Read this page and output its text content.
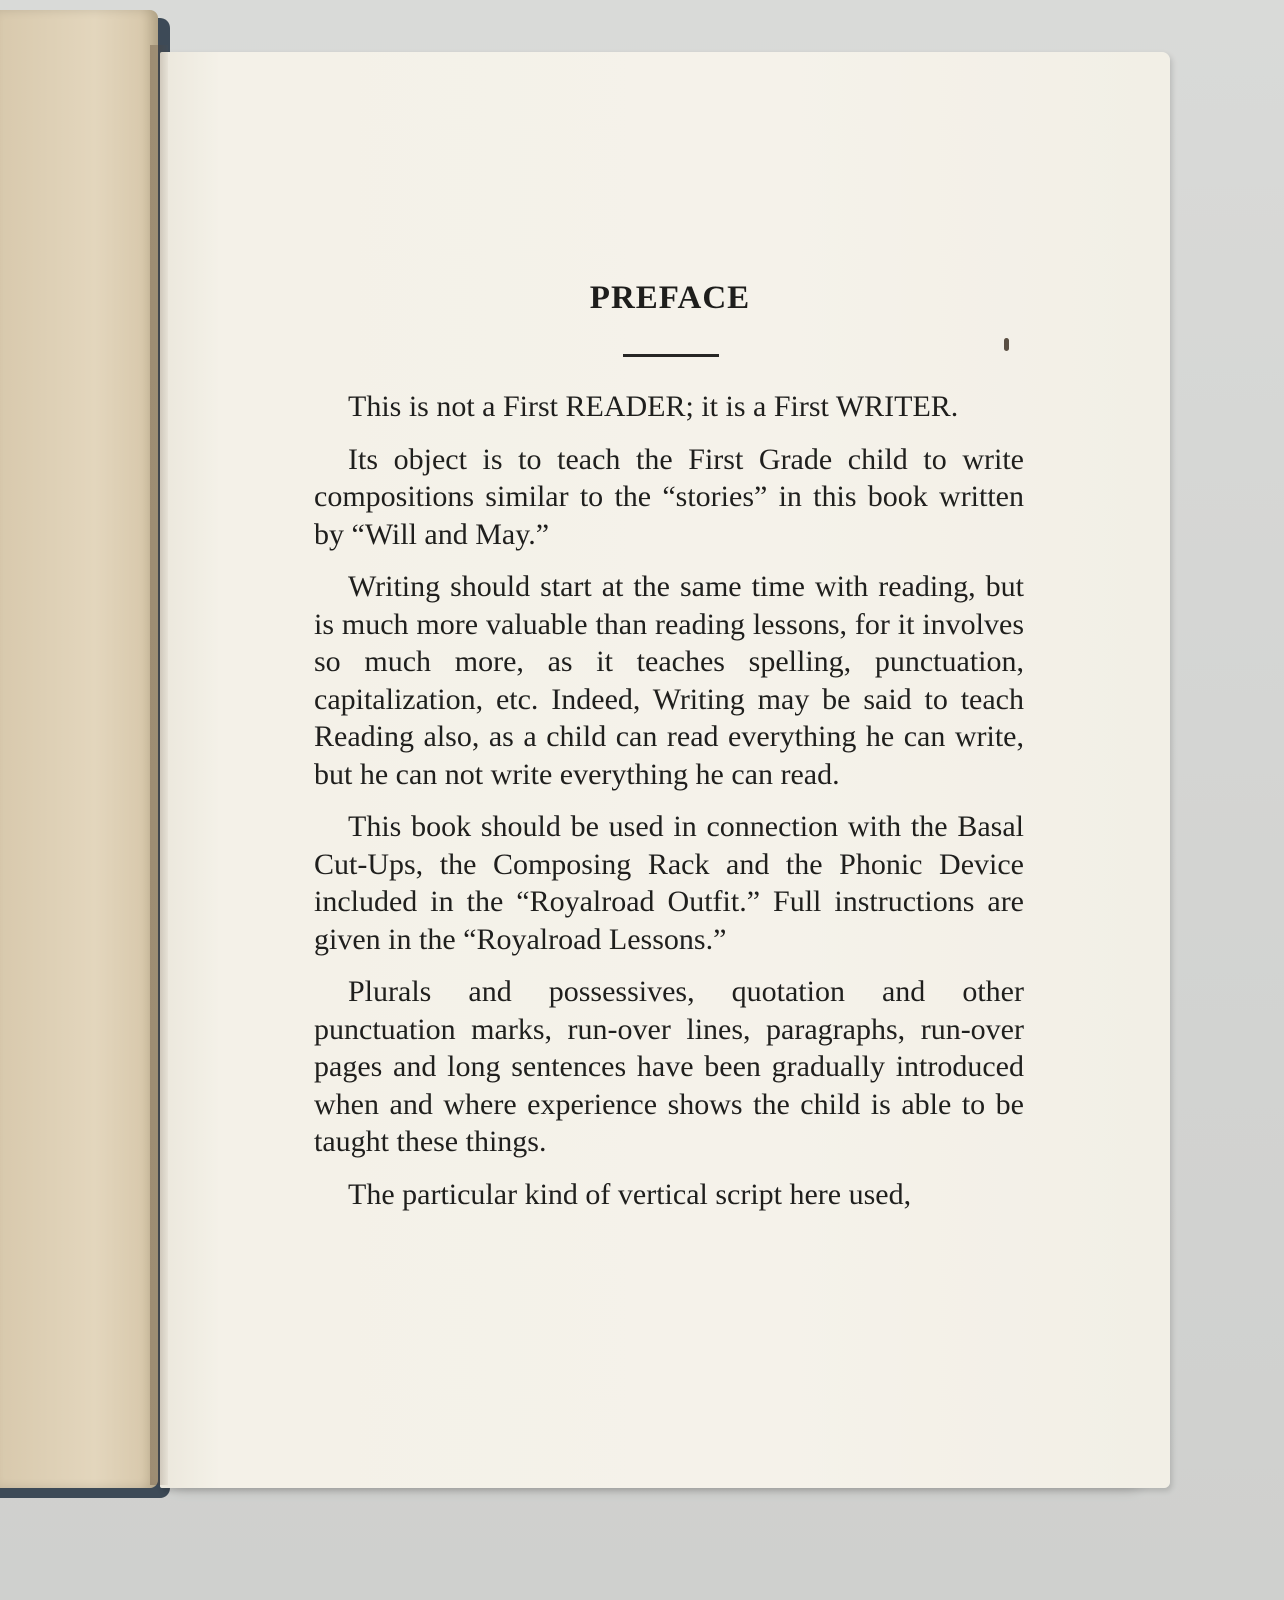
PREFACE

This is not a First READER; it is a First WRITER.

Its object is to teach the First Grade child to write compositions similar to the “stories” in this book written by “Will and May.”

Writing should start at the same time with reading, but is much more valuable than reading lessons, for it involves so much more, as it teaches spelling, punctuation, capitalization, etc. Indeed, Writing may be said to teach Reading also, as a child can read everything he can write, but he can not write everything he can read.

This book should be used in connection with the Basal Cut-Ups, the Composing Rack and the Phonic Device included in the “Royalroad Outfit.” Full instructions are given in the “Royalroad Lessons.”

Plurals and possessives, quotation and other punctuation marks, run-over lines, paragraphs, run-over pages and long sentences have been gradually introduced when and where experience shows the child is able to be taught these things.

The particular kind of vertical script here used,
